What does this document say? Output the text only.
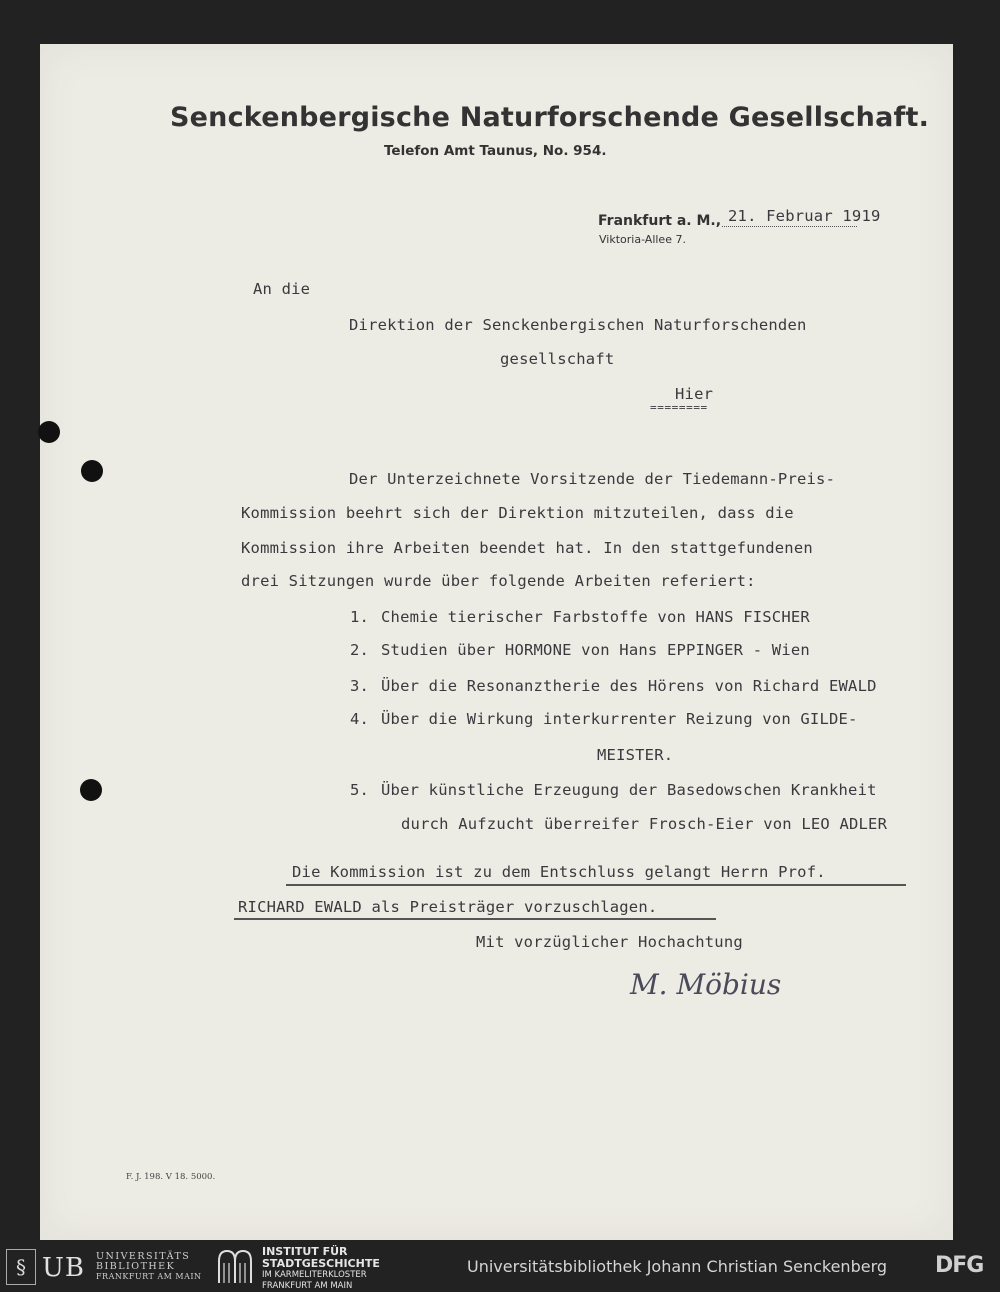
Senckenbergische Naturforschende Gesellschaft.
Telefon Amt Taunus, No. 954.
Frankfurt a. M., 21. Februar 1919
Viktoria-Allee 7.
An die
Direktion der Senckenbergischen Naturforschenden
gesellschaft
Hier
========
Der Unterzeichnete Vorsitzende der Tiedemann-Preis-
Kommission beehrt sich der Direktion mitzuteilen, dass die
Kommission ihre Arbeiten beendet hat. In den stattgefundenen
drei Sitzungen wurde über folgende Arbeiten referiert:
1. Chemie tierischer Farbstoffe von HANS FISCHER
2. Studien über HORMONE von Hans EPPINGER - Wien
3. Über die Resonanztherie des Hörens von Richard EWALD
4. Über die Wirkung interkurrenter Reizung von GILDE-
MEISTER.
5. Über künstliche Erzeugung der Basedowschen Krankheit
durch Aufzucht überreifer Frosch-Eier von LEO ADLER
Die Kommission ist zu dem Entschluss gelangt Herrn Prof.
RICHARD EWALD als Preisträger vorzuschlagen.
Mit vorzüglicher Hochachtung
M. Möbius
F. J. 198. V 18. 5000.
§ UB UNIVERSITÄTS
BIBLIOTHEK
FRANKFURT AM MAIN
INSTITUT FÜR
STADTGESCHICHTE
IM KARMELITERKLOSTER
FRANKFURT AM MAIN
Universitätsbibliothek Johann Christian Senckenberg DFG
